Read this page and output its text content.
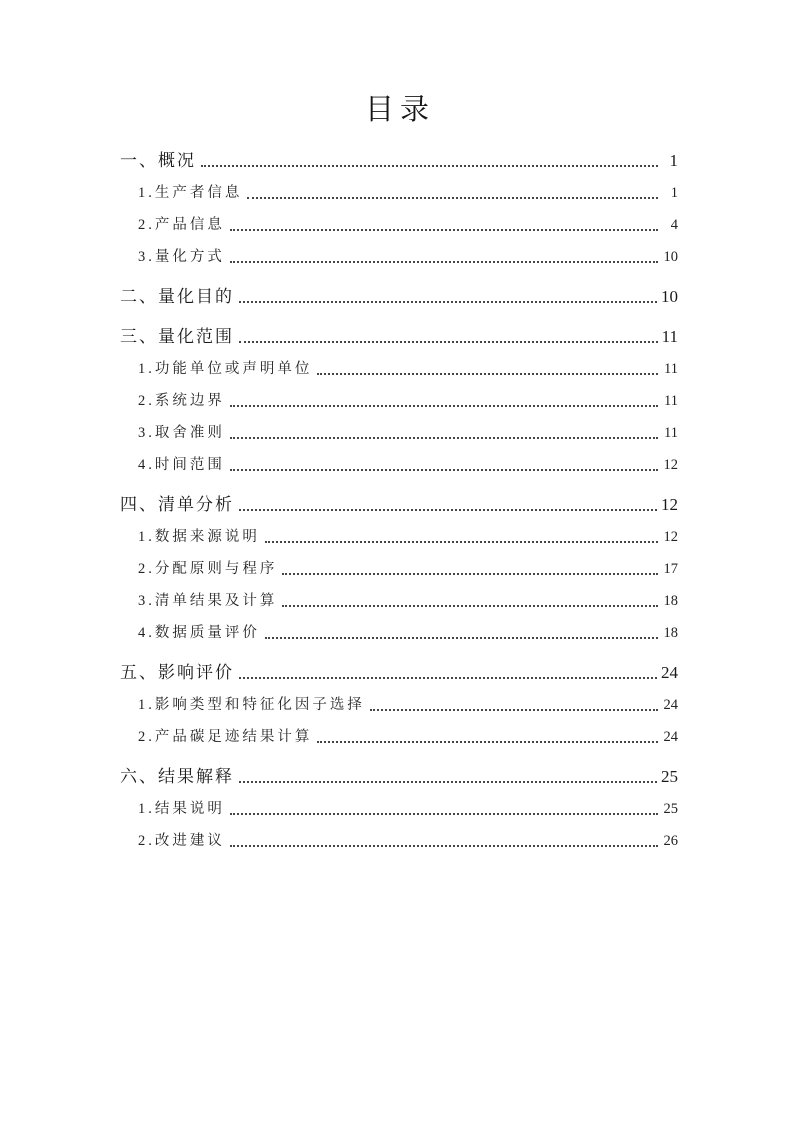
目录
一、概况	1
1.生产者信息	1
2.产品信息	4
3.量化方式	10
二、量化目的	10
三、量化范围	11
1.功能单位或声明单位	11
2.系统边界	11
3.取舍准则	11
4.时间范围	12
四、清单分析	12
1.数据来源说明	12
2.分配原则与程序	17
3.清单结果及计算	18
4.数据质量评价	18
五、影响评价	24
1.影响类型和特征化因子选择	24
2.产品碳足迹结果计算	24
六、结果解释	25
1.结果说明	25
2.改进建议	26
